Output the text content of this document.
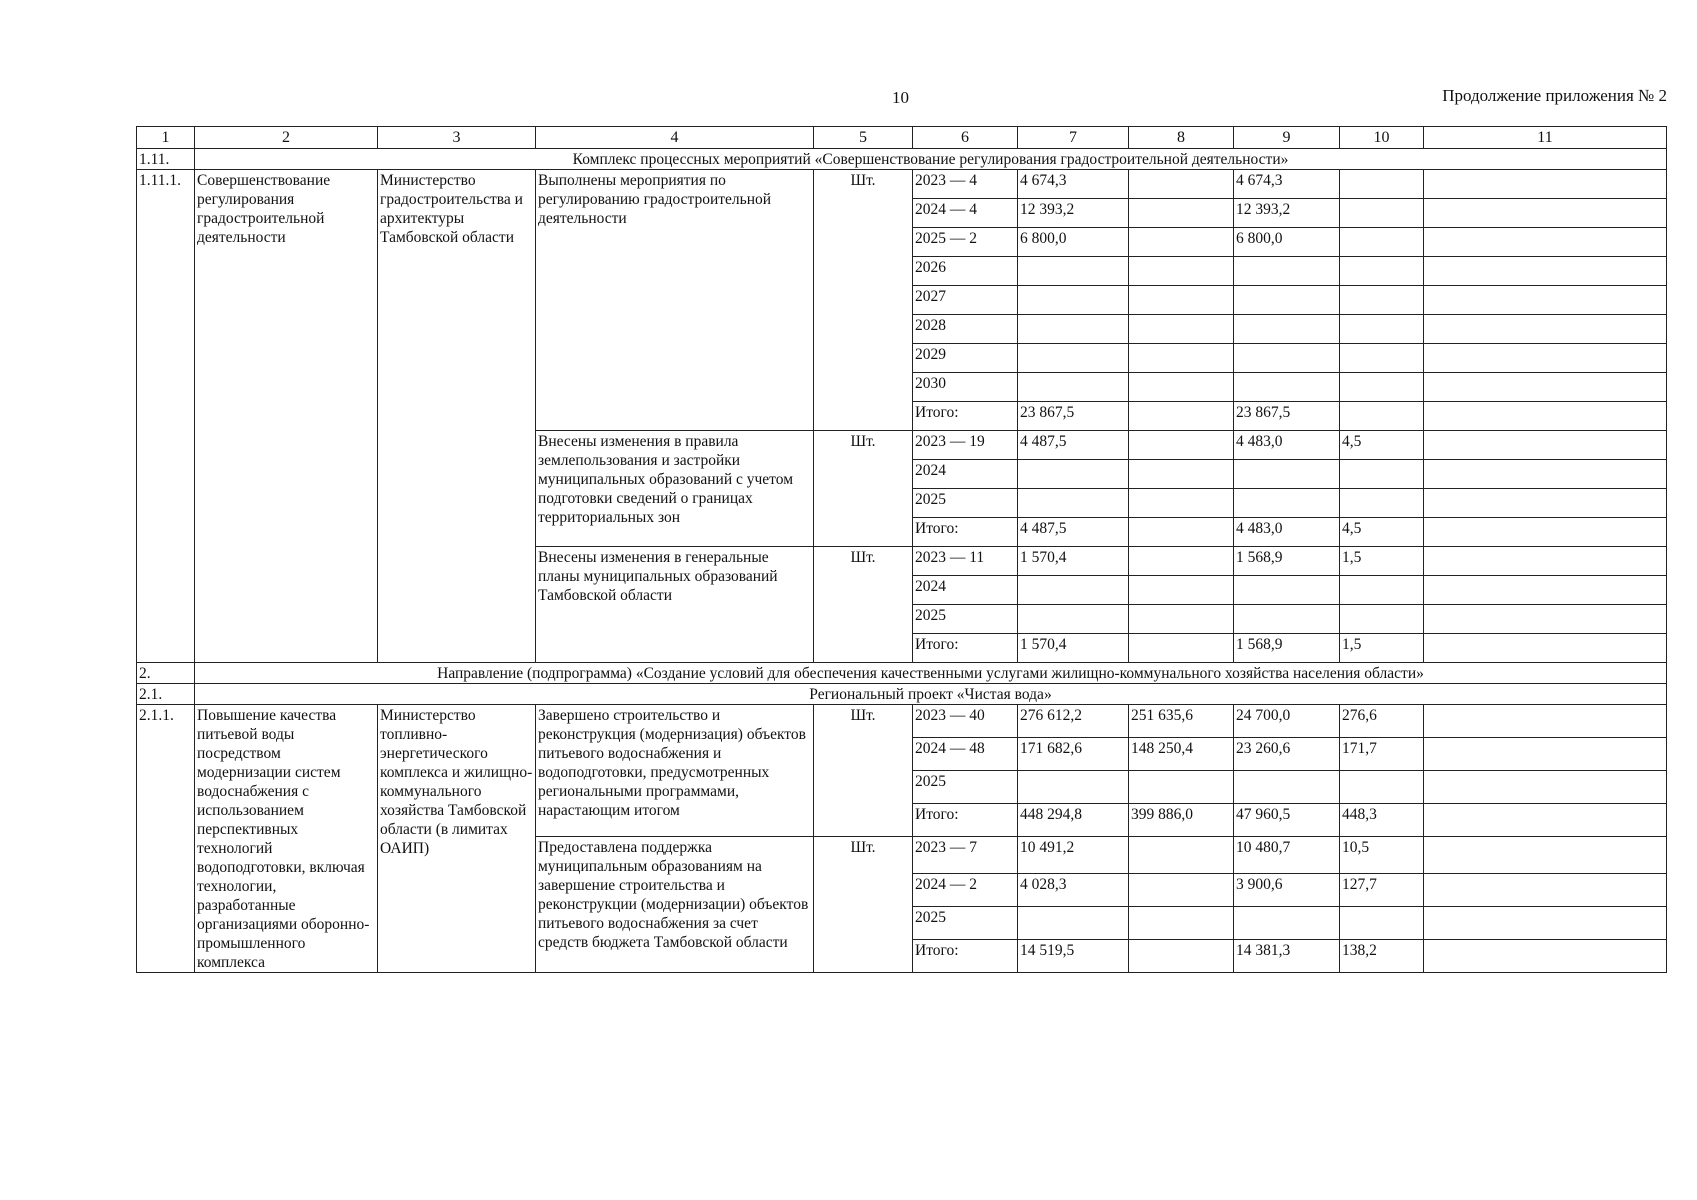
10	Продолжение приложения № 2
1	2	3	4	5	6	7	8	9	10	11
1.11.	Комплекс процессных мероприятий «Совершенствование регулирования градостроительной деятельности»									
1.11.1.	Совершенствование регулирования градостроительной деятельности	Министерство градостроительства и архитектуры Тамбовской области	Выполнены мероприятия по регулированию градостроительной деятельности	Шт.	2023 — 4	4 674,3		4 674,3		
					2024 — 4	12 393,2		12 393,2		
					2025 — 2	6 800,0		6 800,0		
					2026					
					2027					
					2028					
					2029					
					2030					
					Итого:	23 867,5		23 867,5		
			Внесены изменения в правила землепользования и застройки муниципальных образований с учетом подготовки сведений о границах территориальных зон	Шт.	2023 — 19	4 487,5		4 483,0	4,5	
					2024					
					2025					
					Итого:	4 487,5		4 483,0	4,5	
			Внесены изменения в генеральные планы муниципальных образований Тамбовской области	Шт.	2023 — 11	1 570,4		1 568,9	1,5	
					2024					
					2025					
					Итого:	1 570,4		1 568,9	1,5	
2.	Направление (подпрограмма) «Создание условий для обеспечения качественными услугами жилищно-коммунального хозяйства населения области»									
2.1.	Региональный проект «Чистая вода»									
2.1.1.	Повышение качества питьевой воды посредством модернизации систем водоснабжения с использованием перспективных технологий водоподготовки, включая технологии, разработанные организациями оборонно-промышленного комплекса	Министерство топливно-энергетического комплекса и жилищно-коммунального хозяйства Тамбовской области (в лимитах ОАИП)	Завершено строительство и реконструкция (модернизация) объектов питьевого водоснабжения и водоподготовки, предусмотренных региональными программами, нарастающим итогом	Шт.	2023 — 40	276 612,2	251 635,6	24 700,0	276,6	
					2024 — 48	171 682,6	148 250,4	23 260,6	171,7	
					2025					
					Итого:	448 294,8	399 886,0	47 960,5	448,3	
			Предоставлена поддержка муниципальным образованиям на завершение строительства и реконструкции (модернизации) объектов питьевого водоснабжения за счет средств бюджета Тамбовской области	Шт.	2023 — 7	10 491,2		10 480,7	10,5	
					2024 — 2	4 028,3		3 900,6	127,7	
					2025					
					Итого:	14 519,5		14 381,3	138,2	
